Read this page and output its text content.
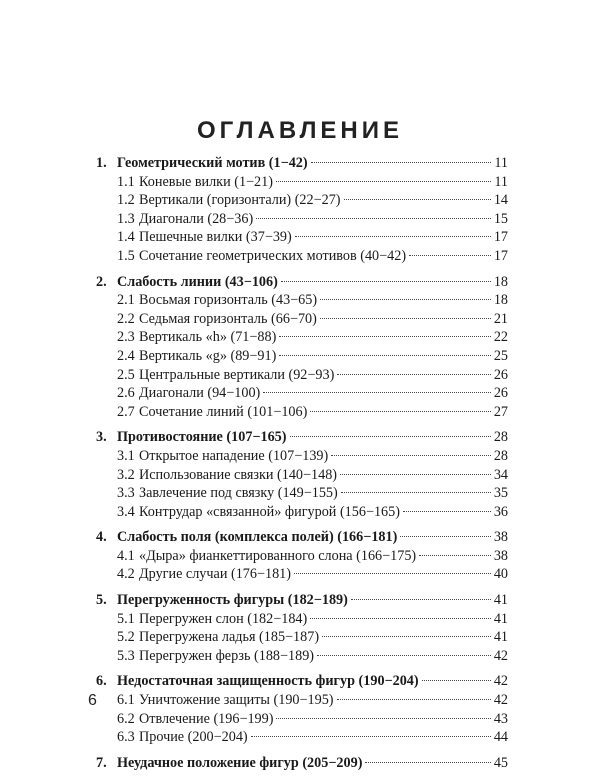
ОГЛАВЛЕНИЕ
1. Геометрический мотив (1−42)	11
1.1 Коневые вилки (1−21)	11
1.2 Вертикали (горизонтали) (22−27)	14
1.3 Диагонали (28−36)	15
1.4 Пешечные вилки (37−39)	17
1.5 Сочетание геометрических мотивов (40−42)	17
2. Слабость линии (43−106)	18
2.1 Восьмая горизонталь (43−65)	18
2.2 Седьмая горизонталь (66−70)	21
2.3 Вертикаль «h» (71−88)	22
2.4 Вертикаль «g» (89−91)	25
2.5 Центральные вертикали (92−93)	26
2.6 Диагонали (94−100)	26
2.7 Сочетание линий (101−106)	27
3. Противостояние (107−165)	28
3.1 Открытое нападение (107−139)	28
3.2 Использование связки (140−148)	34
3.3 Завлечение под связку (149−155)	35
3.4 Контрудар «связанной» фигурой (156−165)	36
4. Слабость поля (комплекса полей) (166−181)	38
4.1 «Дыра» фианкеттированного слона (166−175)	38
4.2 Другие случаи (176−181)	40
5. Перегруженность фигуры (182−189)	41
5.1 Перегружен слон (182−184)	41
5.2 Перегружена ладья (185−187)	41
5.3 Перегружен ферзь (188−189)	42
6. Недостаточная защищенность фигур (190−204)	42
6.1 Уничтожение защиты (190−195)	42
6.2 Отвлечение (196−199)	43
6.3 Прочие (200−204)	44
7. Неудачное положение фигур (205−209)	45
6
